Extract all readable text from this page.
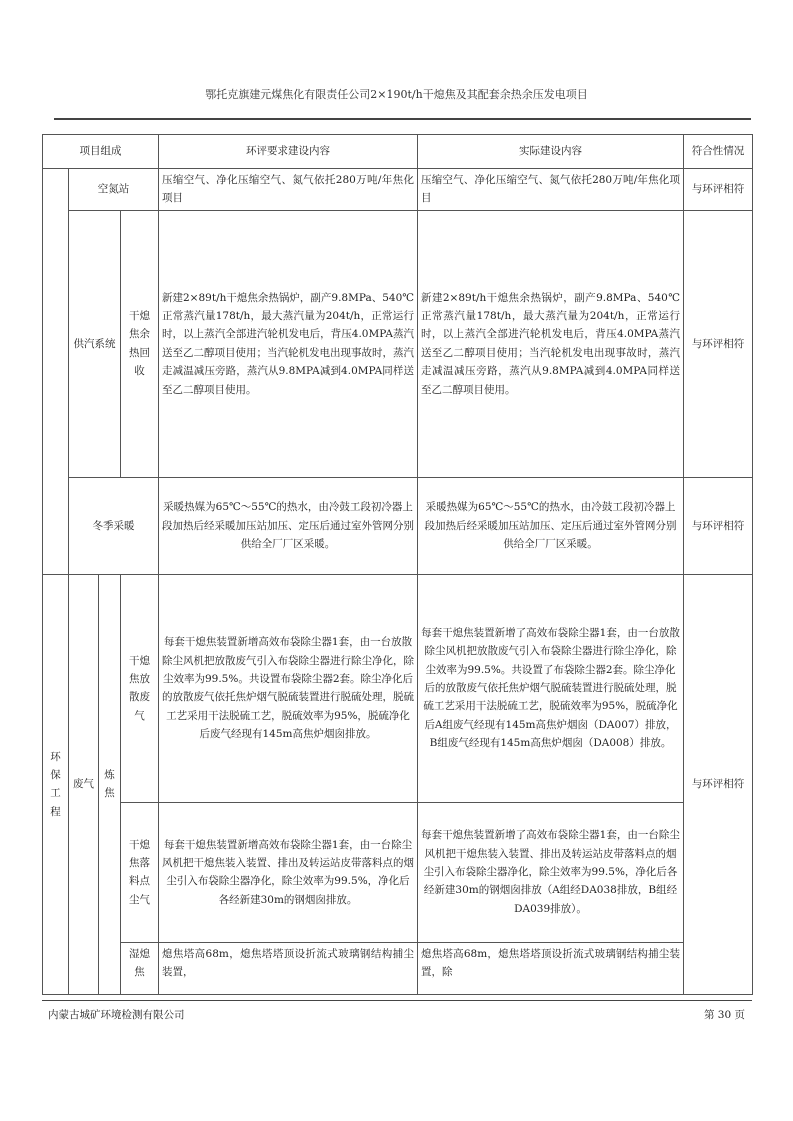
鄂托克旗建元煤焦化有限责任公司2×190t/h干熄焦及其配套余热余压发电项目
项目组成				环评要求建设内容	实际建设内容	符合性情况
	空氮站			压缩空气、净化压缩空气、氮气依托280万吨/年焦化项目	压缩空气、净化压缩空气、氮气依托280万吨/年焦化项目	与环评相符
	供汽系统		干熄焦余热回收	新建2×89t/h干熄焦余热锅炉，副产9.8MPa、540℃正常蒸汽量178t/h，最大蒸汽量为204t/h，正常运行时，以上蒸汽全部进汽轮机发电后，背压4.0MPA蒸汽送至乙二醇项目使用；当汽轮机发电出现事故时，蒸汽走减温减压旁路，蒸汽从9.8MPA减到4.0MPA同样送至乙二醇项目使用。	新建2×89t/h干熄焦余热锅炉，副产9.8MPa、540℃正常蒸汽量178t/h，最大蒸汽量为204t/h，正常运行时，以上蒸汽全部进汽轮机发电后，背压4.0MPA蒸汽送至乙二醇项目使用；当汽轮机发电出现事故时，蒸汽走减温减压旁路，蒸汽从9.8MPA减到4.0MPA同样送至乙二醇项目使用。	与环评相符
	冬季采暖			采暖热媒为65℃～55℃的热水，由冷鼓工段初冷器上段加热后经采暖加压站加压、定压后通过室外管网分别供给全厂厂区采暖。	采暖热媒为65℃～55℃的热水，由冷鼓工段初冷器上段加热后经采暖加压站加压、定压后通过室外管网分别供给全厂厂区采暖。	与环评相符
环保工程	废气	炼焦	干熄焦放散废气	每套干熄焦装置新增高效布袋除尘器1套，由一台放散除尘风机把放散废气引入布袋除尘器进行除尘净化，除尘效率为99.5%。共设置布袋除尘器2套。除尘净化后的放散废气依托焦炉烟气脱硫装置进行脱硫处理，脱硫工艺采用干法脱硫工艺，脱硫效率为95%，脱硫净化后废气经现有145m高焦炉烟囱排放。	每套干熄焦装置新增了高效布袋除尘器1套，由一台放散除尘风机把放散废气引入布袋除尘器进行除尘净化，除尘效率为99.5%。共设置了布袋除尘器2套。除尘净化后的放散废气依托焦炉烟气脱硫装置进行脱硫处理，脱硫工艺采用干法脱硫工艺，脱硫效率为95%，脱硫净化后A组废气经现有145m高焦炉烟囱（DA007）排放，B组废气经现有145m高焦炉烟囱（DA008）排放。	与环评相符
			干熄焦落料点尘气	每套干熄焦装置新增高效布袋除尘器1套，由一台除尘风机把干熄焦装入装置、排出及转运站皮带落料点的烟尘引入布袋除尘器净化，除尘效率为99.5%，净化后各经新建30m的钢烟囱排放。	每套干熄焦装置新增了高效布袋除尘器1套，由一台除尘风机把干熄焦装入装置、排出及转运站皮带落料点的烟尘引入布袋除尘器净化，除尘效率为99.5%，净化后各经新建30m的钢烟囱排放（A组经DA038排放，B组经DA039排放）。	
			湿熄焦	熄焦塔高68m，熄焦塔塔顶设折流式玻璃钢结构捕尘装置，	熄焦塔高68m，熄焦塔塔顶设折流式玻璃钢结构捕尘装置，除	
内蒙古城矿环境检测有限公司	第 30 页
